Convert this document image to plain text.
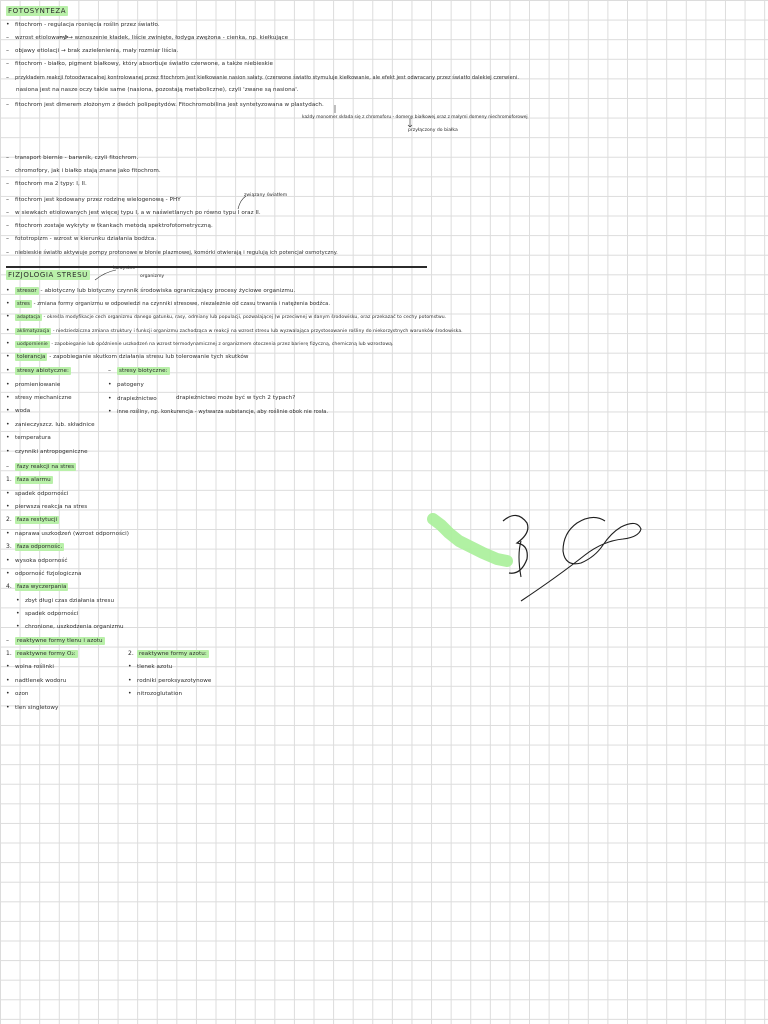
FOTOSYNTEZA
• fitochrom - regulacja rosnięcia roślin przez światło.
– wzrost etiolowany → wznoszenie kładek, liście zwinięte, łodyga zwężona - cienka, np. kiełkujące
– objawy etiolacji → brak zazielenienia, mały rozmiar liścia.
– fitochrom - białko, pigment białkowy, który absorbuje światło czerwone, a także niebieskie
– przykładem reakcji fotoodwracalnej kontrolowanej przez fitochrom jest kiełkowanie nasion sałaty. (czerwone światło stymuluje kiełkowanie, ale efekt jest odwracany przez światło dalekiej czerwieni.
nasiona jest na nasze oczy takie same (nasiona, pozostają metaboliczne), czyli 'zwane są nasiona'.
– fitochrom jest dimerem złożonym z dwóch polipeptydów. Fitochromobilina jest syntetyzowana w plastydach.
każdy monomer składa się z chromoforu - domeny białkowej oraz z małymi domeny niechromoforowej
przyłączony do białka
– transport biernie - barwnik, czyli fitochrom.
– chromofory, jak i białko stają znane jako fitochrom.
– fitochrom ma 2 typy: I, II.
związany światłem
– fitochrom jest kodowany przez rodzinę wielogenową - PHY
– w siewkach etiolowanych jest więcej typu I, a w naświetlanych po równo typu I oraz II.
– fitochrom zostaje wykryty w tkankach metodą spektrofotometryczną.
– fototropizm - wzrost w kierunku działania bodźca.
– niebieskie światło aktywuje pompy protonowe w błonie plazmowej, komórki otwierają i regulują ich potencjał osmotyczny.
korzystne
organizmy
FIZJOLOGIA STRESU
• stresor - abiotyczny lub biotyczny czynnik środowiska ograniczający procesy życiowe organizmu.
• stres - zmiana formy organizmu w odpowiedzi na czynniki stresowe, niezależnie od czasu trwania i natężenia bodźca.
• adaptacja - określa modyfikacje cech organizmu danego gatunku, rasy, odmiany lub populacji, pozwalającej (w przeciwnej w danym środowisku, oraz przekazać to cechy potomstwu.
• aklimatyzacja - niedziedziczna zmiana struktury i funkcji organizmu zachodząca w reakcji na wzrost stresu lub wyzwalająca przystosowanie rośliny do niekorzystnych warunków środowiska.
• uodpornienie - zapobieganie lub opóźnienie uszkodzeń na wzrost termodynamicznej z organizmem otoczenia przez barierę fizyczną, chemiczną lub wzrostową.
• tolerancja - zapobieganie skutkom działania stresu lub tolerowanie tych skutków
• stresy abiotyczne:
• promieniowanie
• stresy mechaniczne
• woda
• zanieczyszcz. lub. składnice
• temperatura
• czynniki antropogeniczne
– stresy biotyczne:
• patogeny
• drapieżnictwo	drapieżnictwo może być w tych 2 typach?
• inne rośliny, np. konkurencja - wytwarza substancje, aby roślinie obok nie rosła.
– fazy reakcji na stres
1. faza alarmu
• spadek odporności
• pierwsza reakcja na stres
2. faza restytucji
• naprawa uszkodzeń (wzrost odporności)
3. faza odpornośc.
• wysoka odporność
• odporność fizjologiczna
4. faza wyczerpania
• zbyt długi czas działania stresu
• spadek odporności
• chronione, uszkodzenia organizmu
– reaktywne formy tlenu i azotu
1. reaktywne formy O₂:
• wolna roślinki
• nadtlenek wodoru
• ozon
• tlen singletowy
2. reaktywne formy azotu:
• tlenek azotu
• rodniki peroksyazotynowe
• nitrozoglutation
